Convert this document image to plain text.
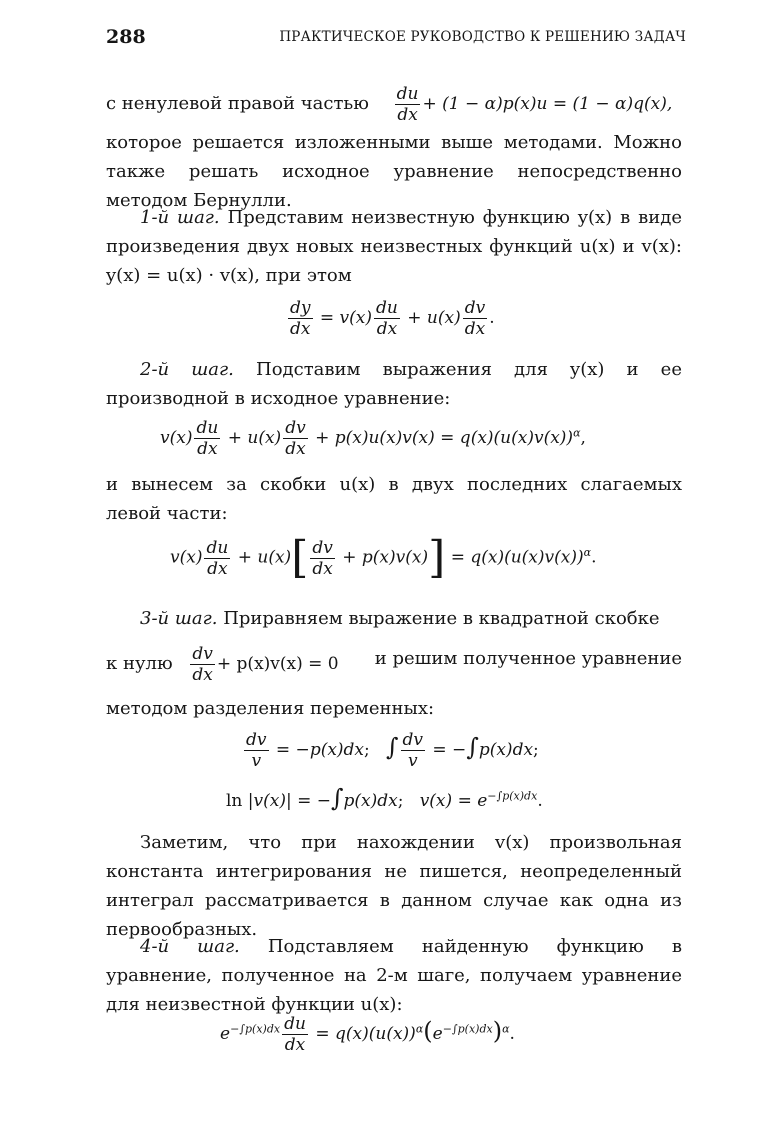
288	ПРАКТИЧЕСКОЕ РУКОВОДСТВО К РЕШЕНИЮ ЗАДАЧ
с ненулевой правой частью $\frac{du}{dx} + (1 - \alpha)p(x)u = (1 - \alpha)q(x)$,

которое решается изложенными выше методами. Можно также решать исходное уравнение непосредственно методом Бернулли.

1-й шаг. Представим неизвестную функцию y(x) в виде произведения двух новых неизвестных функций u(x) и v(x): y(x) = u(x) · v(x), при этом

$\frac{dy}{dx} = v(x) \frac{du}{dx} + u(x) \frac{dv}{dx}$ .

2-й шаг. Подставим выражения для y(x) и ее производной в исходное уравнение:

$v(x) \frac{du}{dx} + u(x) \frac{dv}{dx} + p(x)u(x)v(x) = q(x)(u(x)v(x))^\alpha$,

и вынесем за скобки u(x) в двух последних слагаемых левой части:

$v(x) \frac{du}{dx} + u(x)[ \frac{dv}{dx} + p(x)v(x)] = q(x)(u(x)v(x))^\alpha$.

3-й шаг. Приравняем выражение в квадратной скобке

к нулю $\frac{dv}{dx} + p(x)v(x) = 0$ и решим полученное уравнение

методом разделения переменных:

$\frac{dv}{v} = -p(x)dx$; ∫ $\frac{dv}{v} = -\int p(x)dx$;
ln |v(x)| = −∫p(x)dx;   $v(x) = e^{-\int p(x)dx}$.

Заметим, что при нахождении v(x) произвольная константа интегрирования не пишется, неопределенный интеграл рассматривается в данном случае как одна из первообразных.

4-й шаг. Подставляем найденную функцию в уравнение, полученное на 2-м шаге, получаем уравнение для неизвестной функции u(x):

$e^{-\int p(x)dx} \frac{du}{dx} = q(x)(u(x))^\alpha(e^{-\int p(x)dx})^\alpha$.
